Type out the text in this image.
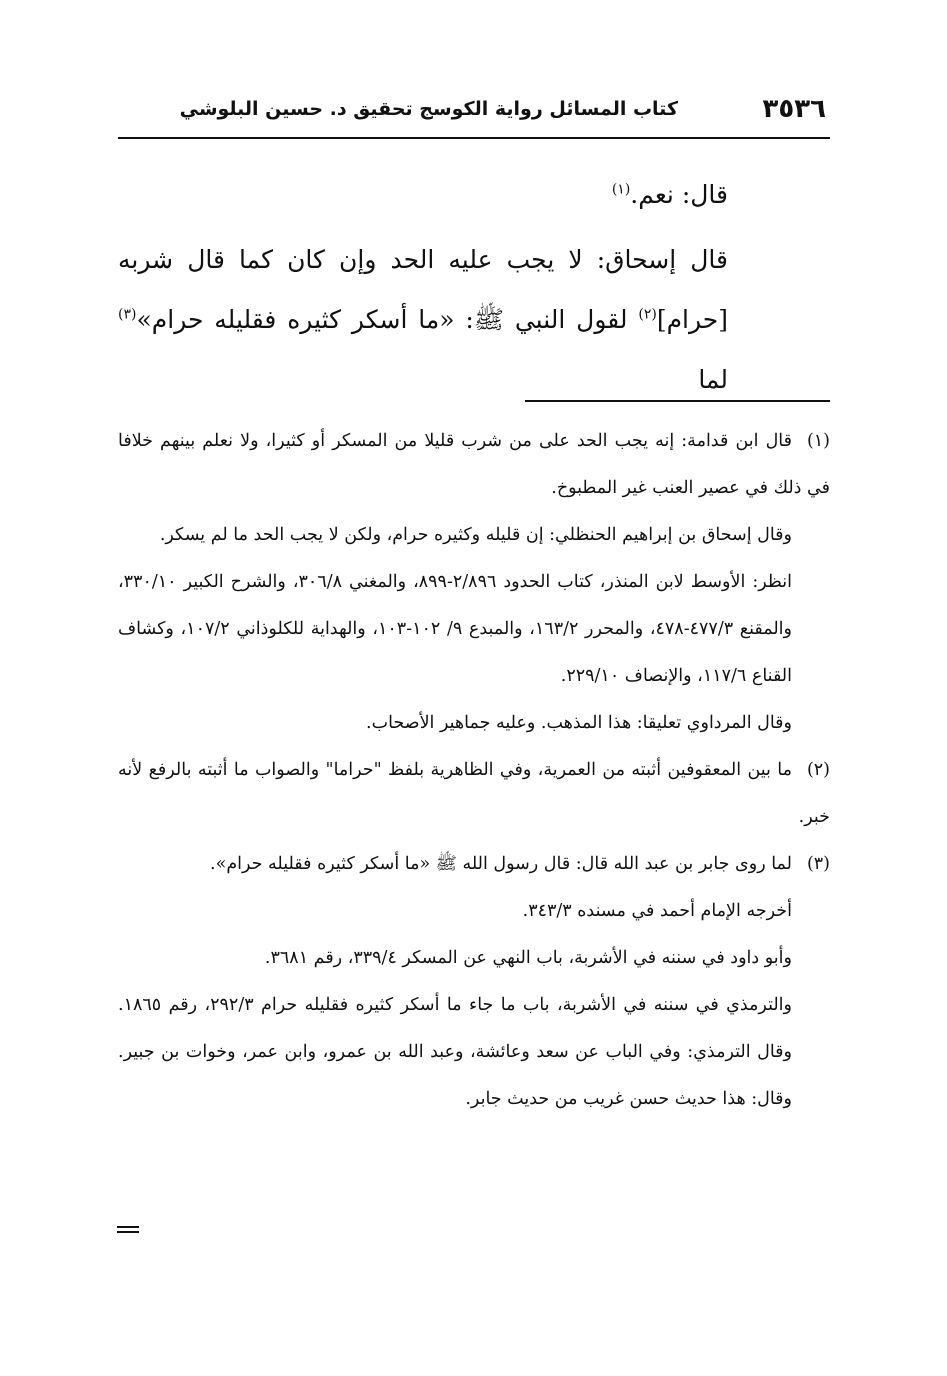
٣٥٣٦
كتاب المسائل رواية الكوسج تحقيق د. حسين البلوشي

قال: نعم.$^{(١)}$

قال إسحاق: لا يجب عليه الحد وإن كان كما قال شربه [حرام]$^{(٢)}$ لقول النبي ﷺ: «ما أسكر كثيره فقليله حرام»$^{(٣)}$ لما

(١)قال ابن قدامة: إنه يجب الحد على من شرب قليلا من المسكر أو كثيرا، ولا نعلم بينهم خلافا في ذلك في عصير العنب غير المطبوخ.

وقال إسحاق بن إبراهيم الحنظلي: إن قليله وكثيره حرام، ولكن لا يجب الحد ما لم يسكر.

انظر: الأوسط لابن المنذر، كتاب الحدود ٢/٨٩٦-٨٩٩، والمغني ٣٠٦/٨، والشرح الكبير ٣٣٠/١٠، والمقنع ٤٧٧/٣-٤٧٨، والمحرر ١٦٣/٢، والمبدع ٩/ ١٠٢-١٠٣، والهداية للكلوذاني ١٠٧/٢، وكشاف القناع ١١٧/٦، والإنصاف ٢٢٩/١٠.

وقال المرداوي تعليقا: هذا المذهب. وعليه جماهير الأصحاب.

(٢)ما بين المعقوفين أثبته من العمرية، وفي الظاهرية بلفظ "حراما" والصواب ما أثبته بالرفع لأنه خبر.

(٣)لما روى جابر بن عبد الله قال: قال رسول الله ﷺ «ما أسكر كثيره فقليله حرام».

أخرجه الإمام أحمد في مسنده ٣٤٣/٣.

وأبو داود في سننه في الأشربة، باب النهي عن المسكر ٣٣٩/٤، رقم ٣٦٨١.

والترمذي في سننه في الأشربة، باب ما جاء ما أسكر كثيره فقليله حرام ٢٩٢/٣، رقم ١٨٦٥. وقال الترمذي: وفي الباب عن سعد وعائشة، وعبد الله بن عمرو، وابن عمر، وخوات بن جبير. وقال: هذا حديث حسن غريب من حديث جابر.
